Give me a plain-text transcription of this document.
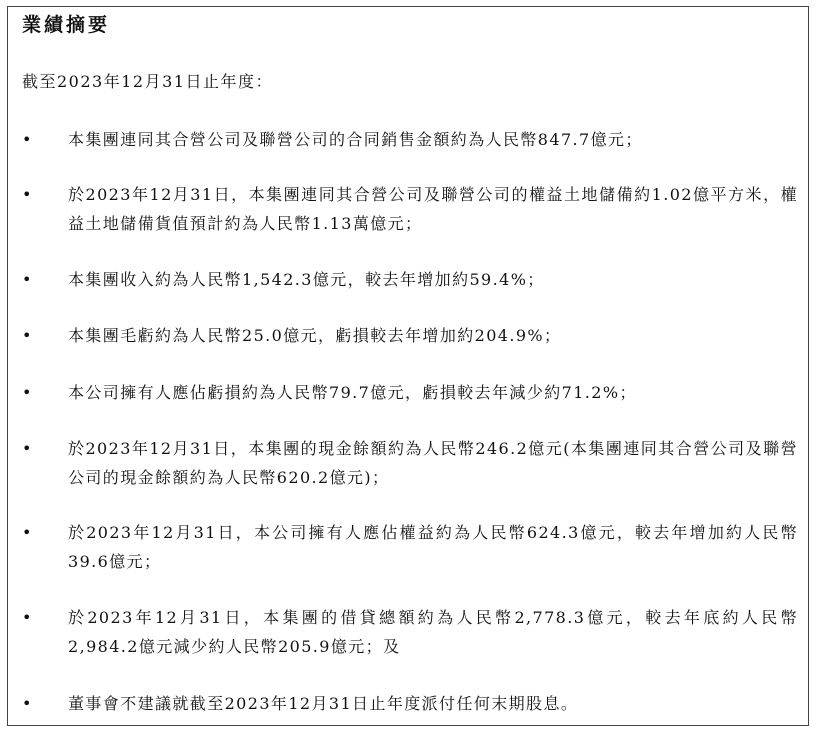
業績摘要

截至2023年12月31日止年度：

• 本集團連同其合營公司及聯營公司的合同銷售金額約為人民幣847.7億元；

• 於2023年12月31日，本集團連同其合營公司及聯營公司的權益土地儲備約1.02億平方米，權益土地儲備貨值預計約為人民幣1.13萬億元；

• 本集團收入約為人民幣1,542.3億元，較去年增加約59.4%；

• 本集團毛虧約為人民幣25.0億元，虧損較去年增加約204.9%；

• 本公司擁有人應佔虧損約為人民幣79.7億元，虧損較去年減少約71.2%；

• 於2023年12月31日，本集團的現金餘額約為人民幣246.2億元(本集團連同其合營公司及聯營公司的現金餘額約為人民幣620.2億元)；

• 於2023年12月31日，本公司擁有人應佔權益約為人民幣624.3億元，較去年增加約人民幣39.6億元；

• 於2023年12月31日，本集團的借貸總額約為人民幣2,778.3億元，較去年底約人民幣2,984.2億元減少約人民幣205.9億元；及

• 董事會不建議就截至2023年12月31日止年度派付任何末期股息。
